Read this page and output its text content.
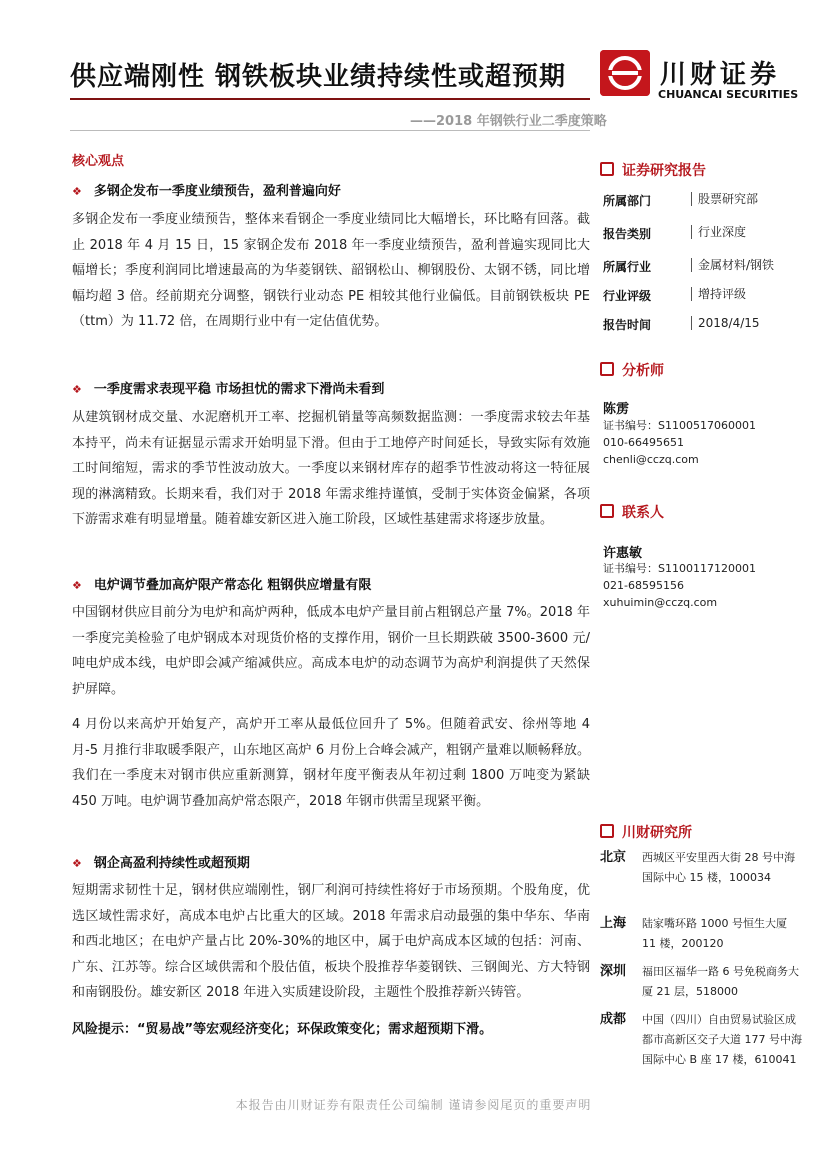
供应端刚性 钢铁板块业绩持续性或超预期
——2018 年钢铁行业二季度策略
川财证券
CHUANCAI SECURITIES
核心观点
❖ 多钢企发布一季度业绩预告，盈利普遍向好
多钢企发布一季度业绩预告，整体来看钢企一季度业绩同比大幅增长，环比略有回落。截止 2018 年 4 月 15 日，15 家钢企发布 2018 年一季度业绩预告，盈利普遍实现同比大幅增长；季度利润同比增速最高的为华菱钢铁、韶钢松山、柳钢股份、太钢不锈，同比增幅均超 3 倍。经前期充分调整，钢铁行业动态 PE 相较其他行业偏低。目前钢铁板块 PE（ttm）为 11.72 倍，在周期行业中有一定估值优势。
❖ 一季度需求表现平稳 市场担忧的需求下滑尚未看到
从建筑钢材成交量、水泥磨机开工率、挖掘机销量等高频数据监测：一季度需求较去年基本持平，尚未有证据显示需求开始明显下滑。但由于工地停产时间延长，导致实际有效施工时间缩短，需求的季节性波动放大。一季度以来钢材库存的超季节性波动将这一特征展现的淋漓精致。长期来看，我们对于 2018 年需求维持谨慎，受制于实体资金偏紧，各项下游需求难有明显增量。随着雄安新区进入施工阶段，区域性基建需求将逐步放量。
❖ 电炉调节叠加高炉限产常态化 粗钢供应增量有限
中国钢材供应目前分为电炉和高炉两种，低成本电炉产量目前占粗钢总产量 7%。2018 年一季度完美检验了电炉钢成本对现货价格的支撑作用，钢价一旦长期跌破 3500-3600 元/吨电炉成本线，电炉即会减产缩减供应。高成本电炉的动态调节为高炉利润提供了天然保护屏障。
4 月份以来高炉开始复产，高炉开工率从最低位回升了 5%。但随着武安、徐州等地 4 月-5 月推行非取暖季限产，山东地区高炉 6 月份上合峰会减产，粗钢产量难以顺畅释放。我们在一季度末对钢市供应重新测算，钢材年度平衡表从年初过剩 1800 万吨变为紧缺 450 万吨。电炉调节叠加高炉常态限产，2018 年钢市供需呈现紧平衡。
❖ 钢企高盈利持续性或超预期
短期需求韧性十足，钢材供应端刚性，钢厂利润可持续性将好于市场预期。个股角度，优选区域性需求好，高成本电炉占比重大的区域。2018 年需求启动最强的集中华东、华南和西北地区；在电炉产量占比 20%-30%的地区中，属于电炉高成本区域的包括：河南、广东、江苏等。综合区域供需和个股估值，板块个股推荐华菱钢铁、三钢闽光、方大特钢和南钢股份。雄安新区 2018 年进入实质建设阶段，主题性个股推荐新兴铸管。
风险提示：“贸易战”等宏观经济变化；环保政策变化；需求超预期下滑。
证券研究报告
所属部门	股票研究部
报告类别	行业深度
所属行业	金属材料/钢铁
行业评级	增持评级
报告时间	2018/4/15
分析师
陈雳
证书编号：S1100517060001
010-66495651
chenli@cczq.com
联系人
许惠敏
证书编号：S1100117120001
021-68595156
xuhuimin@cczq.com
川财研究所
北京 西城区平安里西大街 28 号中海国际中心 15 楼，100034
上海 陆家嘴环路 1000 号恒生大厦 11 楼，200120
深圳 福田区福华一路 6 号免税商务大厦 21 层，518000
成都 中国（四川）自由贸易试验区成都市高新区交子大道 177 号中海国际中心 B 座 17 楼，610041
本报告由川财证券有限责任公司编制 谨请参阅尾页的重要声明
